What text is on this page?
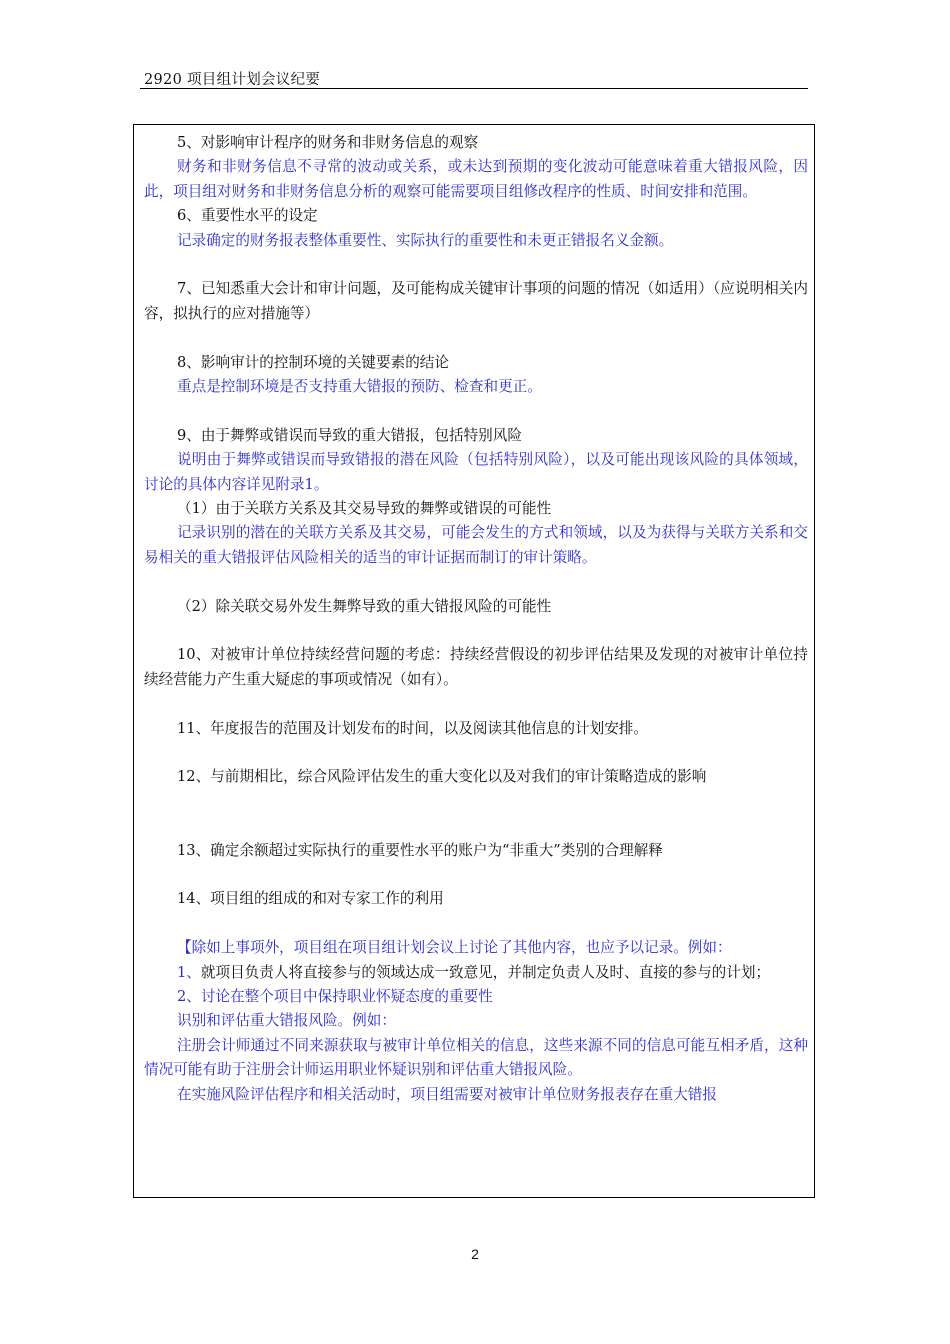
2920 项目组计划会议纪要

5、对影响审计程序的财务和非财务信息的观察

财务和非财务信息不寻常的波动或关系，或未达到预期的变化波动可能意味着重大错报风险，因此，项目组对财务和非财务信息分析的观察可能需要项目组修改程序的性质、时间安排和范围。

6、重要性水平的设定

记录确定的财务报表整体重要性、实际执行的重要性和未更正错报名义金额。

7、已知悉重大会计和审计问题，及可能构成关键审计事项的问题的情况（如适用）（应说明相关内容，拟执行的应对措施等）

8、影响审计的控制环境的关键要素的结论

重点是控制环境是否支持重大错报的预防、检查和更正。

9、由于舞弊或错误而导致的重大错报，包括特别风险

说明由于舞弊或错误而导致错报的潜在风险（包括特别风险），以及可能出现该风险的具体领域，讨论的具体内容详见附录1。

（1）由于关联方关系及其交易导致的舞弊或错误的可能性

记录识别的潜在的关联方关系及其交易，可能会发生的方式和领域，以及为获得与关联方关系和交易相关的重大错报评估风险相关的适当的审计证据而制订的审计策略。

（2）除关联交易外发生舞弊导致的重大错报风险的可能性

10、对被审计单位持续经营问题的考虑：持续经营假设的初步评估结果及发现的对被审计单位持续经营能力产生重大疑虑的事项或情况（如有）。

11、年度报告的范围及计划发布的时间，以及阅读其他信息的计划安排。

12、与前期相比，综合风险评估发生的重大变化以及对我们的审计策略造成的影响

13、确定余额超过实际执行的重要性水平的账户为“非重大”类别的合理解释

14、项目组的组成的和对专家工作的利用

【除如上事项外，项目组在项目组计划会议上讨论了其他内容，也应予以记录。例如：

1、就项目负责人将直接参与的领域达成一致意见，并制定负责人及时、直接的参与的计划；

2、讨论在整个项目中保持职业怀疑态度的重要性

识别和评估重大错报风险。例如：

注册会计师通过不同来源获取与被审计单位相关的信息，这些来源不同的信息可能互相矛盾，这种情况可能有助于注册会计师运用职业怀疑识别和评估重大错报风险。

在实施风险评估程序和相关活动时，项目组需要对被审计单位财务报表存在重大错报

2
